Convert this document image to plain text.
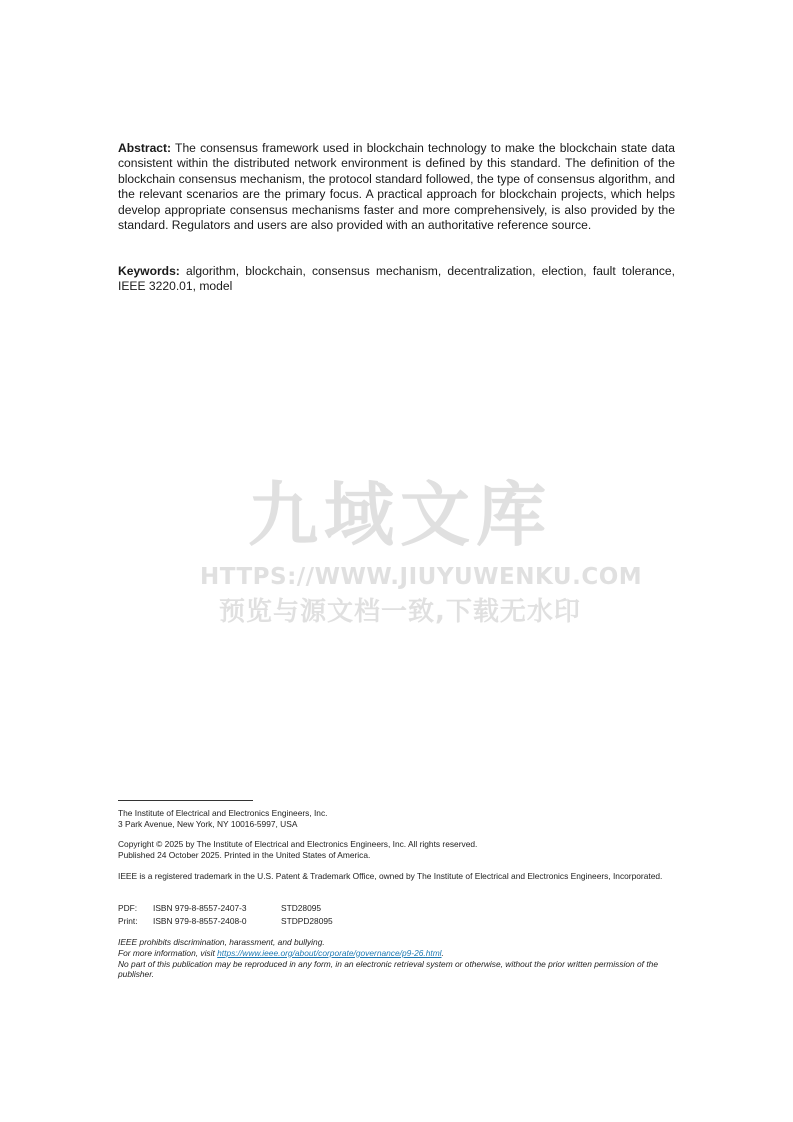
Abstract: The consensus framework used in blockchain technology to make the blockchain state data consistent within the distributed network environment is defined by this standard. The definition of the blockchain consensus mechanism, the protocol standard followed, the type of consensus algorithm, and the relevant scenarios are the primary focus. A practical approach for blockchain projects, which helps develop appropriate consensus mechanisms faster and more comprehensively, is also provided by the standard. Regulators and users are also provided with an authoritative reference source.
Keywords: algorithm, blockchain, consensus mechanism, decentralization, election, fault tolerance, IEEE 3220.01, model
九域文库
HTTPS://WWW.JIUYUWENKU.COM
预览与源文档一致,下载无水印
The Institute of Electrical and Electronics Engineers, Inc.
3 Park Avenue, New York, NY 10016-5997, USA
Copyright © 2025 by The Institute of Electrical and Electronics Engineers, Inc. All rights reserved.
Published 24 October 2025. Printed in the United States of America.
IEEE is a registered trademark in the U.S. Patent & Trademark Office, owned by The Institute of Electrical and Electronics Engineers, Incorporated.
PDF:	ISBN 979-8-8557-2407-3	STD28095
Print:	ISBN 979-8-8557-2408-0	STDPD28095
IEEE prohibits discrimination, harassment, and bullying.
For more information, visit https://www.ieee.org/about/corporate/governance/p9-26.html.
No part of this publication may be reproduced in any form, in an electronic retrieval system or otherwise, without the prior written permission of the publisher.
